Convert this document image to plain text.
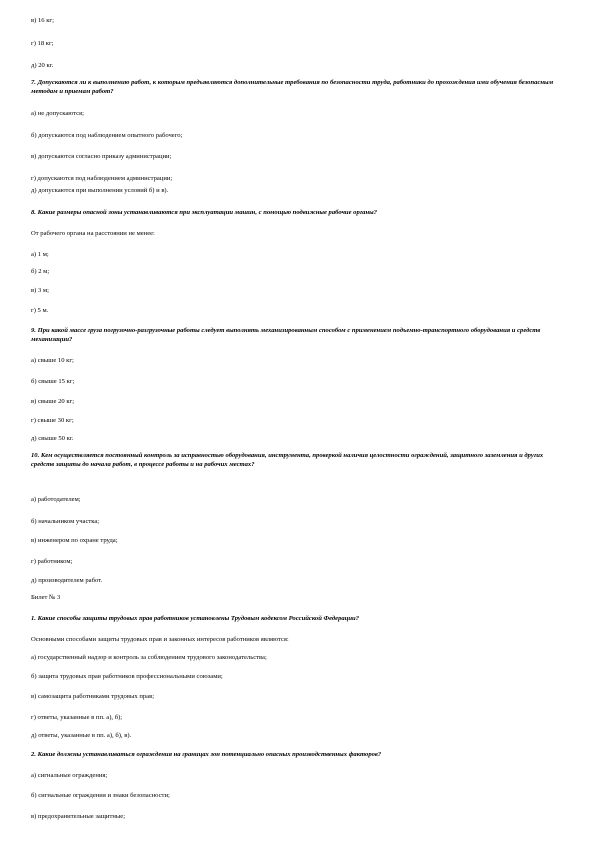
в) 16 кг;
г) 18 кг;
д) 20 кг.
7. Допускаются ли к выполнению работ, к которым предъявляются дополнительные требования по безопасности труда, работники до прохождения ими обучения безопасным методам и приемам работ?
а) не допускаются;
б) допускаются под наблюдением опытного рабочего;
в) допускаются согласно приказу администрации;
г) допускаются под наблюдением администрации;
д) допускаются при выполнении условий б) и в).
8. Какие размеры опасной зоны устанавливаются при эксплуатации машин, с помощью подвижные рабочие органы?
От рабочего органа на расстоянии не менее:
а) 1 м;
б) 2 м;
в) 3 м;
г) 5 м.
9. При какой массе груза погрузочно-разгрузочные работы следует выполнять механизированным способом с применением подъемно-транспортного оборудования и средств механизации?
а) свыше 10 кг;
б) свыше 15 кг;
в) свыше 20 кг;
г) свыше 30 кг;
д) свыше 50 кг.
10. Кем осуществляется постоянный контроль за исправностью оборудования, инструмента, проверкой наличия целостности ограждений, защитного заземления и других средств защиты до начала работ, в процессе работы и на рабочих местах?
а) работодателем;
б) начальником участка;
в) инженером по охране труда;
г) работником;
д) производителем работ.
Билет № 3
1. Какие способы защиты трудовых прав работников установлены Трудовым кодексом Российской Федерации?
Основными способами защиты трудовых прав и законных интересов работников являются:
а) государственный надзор и контроль за соблюдением трудового законодательства;
б) защита трудовых прав работников профессиональными союзами;
в) самозащита работниками трудовых прав;
г) ответы, указанные в пп. а), б);
д) ответы, указанные в пп. а), б), в).
2. Какие должны устанавливаться ограждения на границах зон потенциально опасных производственных факторов?
а) сигнальные ограждения;
б) сигнальные ограждения и знаки безопасности;
в) предохранительные защитные;
